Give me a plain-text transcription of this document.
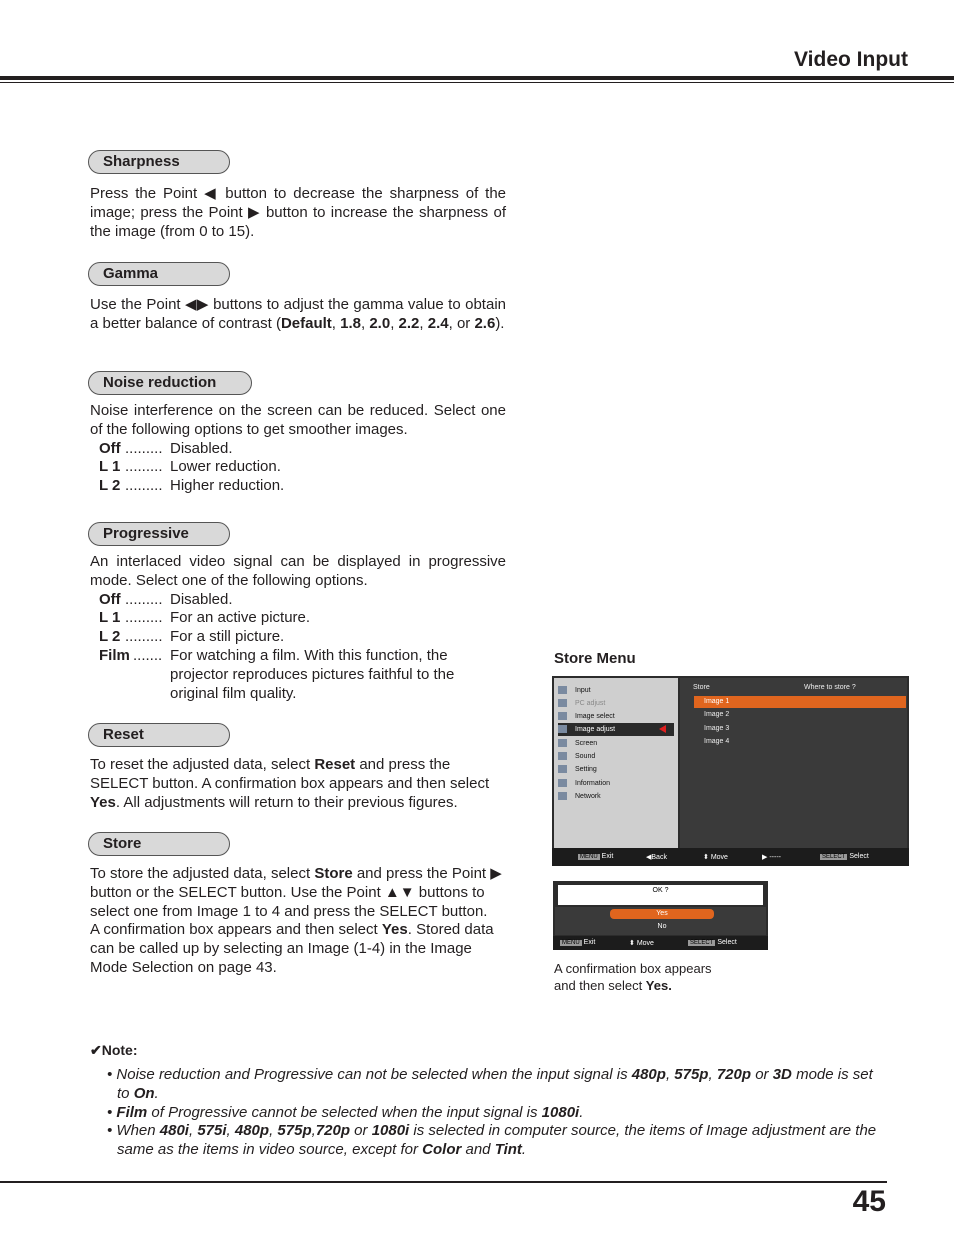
Video Input
Sharpness
Press the Point ◀ button to decrease the sharpness of the image; press the Point ▶ button to increase the sharpness of the image (from 0 to 15).
Gamma
Use the Point ◀▶ buttons to adjust the gamma value to obtain a better balance of contrast (Default, 1.8, 2.0, 2.2, 2.4, or 2.6).
Noise reduction
Noise interference on the screen can be reduced. Select one of the following options to get smoother images.
Off ......... Disabled.
L 1 ......... Lower reduction.
L 2 ......... Higher reduction.
Progressive
An interlaced video signal can be displayed in progressive mode. Select one of the following options.
Off ......... Disabled.
L 1 ......... For an active picture.
L 2 ......... For a still picture.
Film ....... For watching a film. With this function, the projector reproduces pictures faithful to the original film quality.
Reset
To reset the adjusted data, select Reset and press the SELECT button. A confirmation box appears and then select Yes. All adjustments will return to their previous figures.
Store
To store the adjusted data, select Store and press the Point ▶ button or the SELECT button. Use the Point ▲▼ buttons to select one from Image 1 to 4 and press the SELECT button.
A confirmation box appears and then select Yes. Stored data can be called up by selecting an Image (1-4) in the Image Mode Selection on page 43.
Store Menu
Input
PC adjust
Image select
Image adjust
Screen
Sound
Setting
Information
Network
Store	Where to store ?
Image 1
Image 2
Image 3
Image 4
MENU Exit	◀Back	⬍ Move	▶ -----	SELECT Select
OK ?
Yes
No
MENU Exit	⬍ Move	SELECT Select
A confirmation box appears and then select Yes.
✔Note:
• Noise reduction and Progressive can not be selected when the input signal is 480p, 575p, 720p or 3D mode is set to On.
• Film of Progressive cannot be selected when the input signal is 1080i.
• When 480i, 575i, 480p, 575p,720p or 1080i is selected in computer source, the items of Image adjustment are the same as the items in video source, except for Color and Tint.
45
